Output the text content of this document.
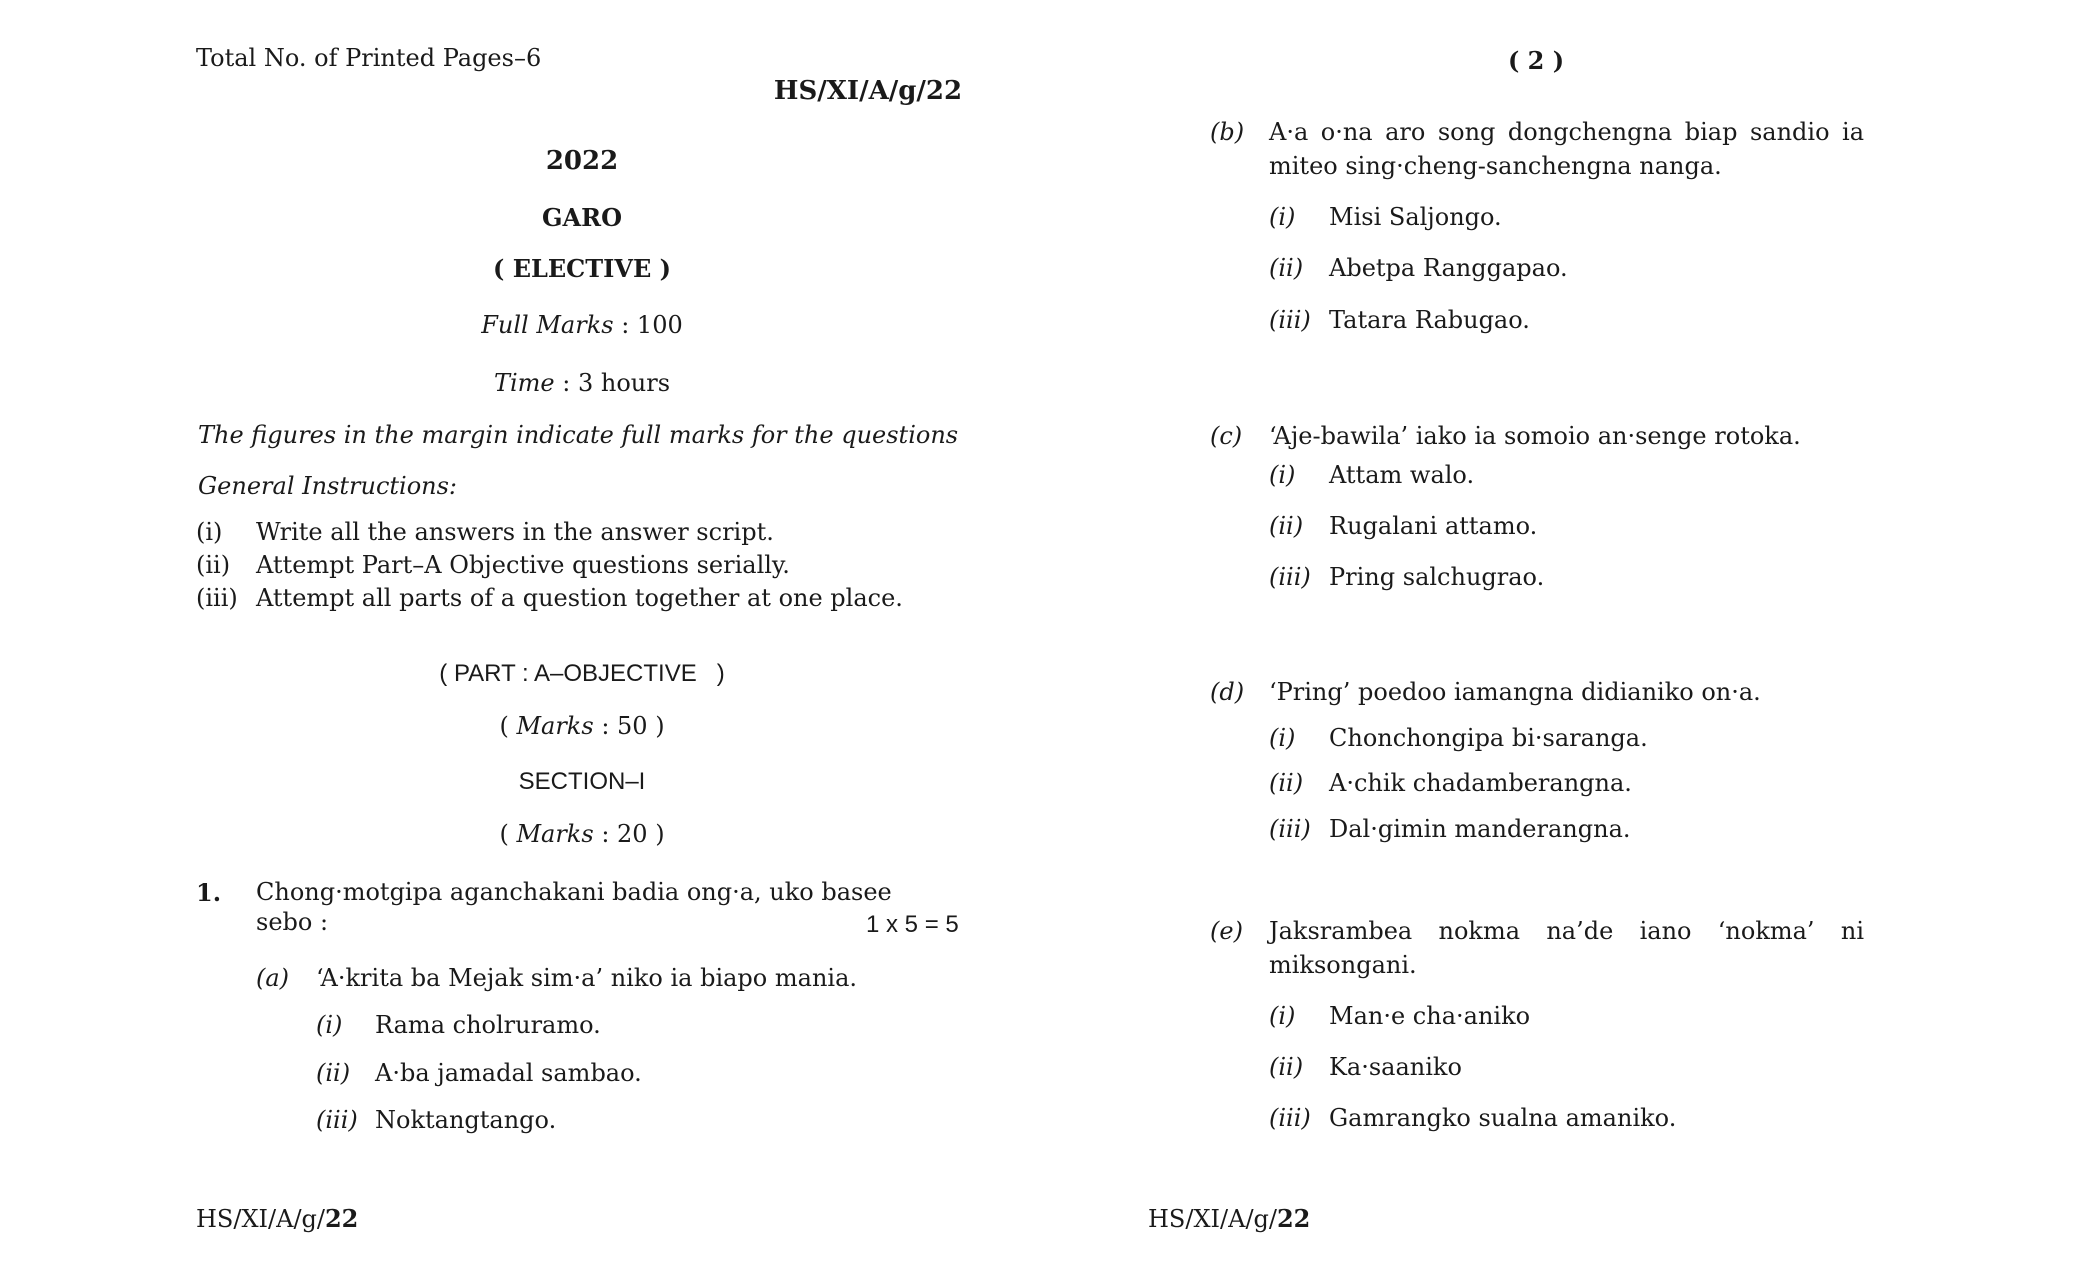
Total No. of Printed Pages–6
HS/XI/A/g/22
2022
GARO
( ELECTIVE )
Full Marks : 100
Time : 3 hours
The figures in the margin indicate full marks for the questions
General Instructions:
(i) Write all the answers in the answer script.
(ii) Attempt Part–A Objective questions serially.
(iii) Attempt all parts of a question together at one place.
( PART : A–OBJECTIVE   )
( Marks : 50 )
SECTION–I
( Marks : 20 )
1. Chong·motgipa aganchakani badia ong·a, uko basee
sebo :	1 x 5 = 5
(a) ‘A·krita ba Mejak sim·a’ niko ia biapo mania.
(i) Rama cholruramo.
(ii) A·ba jamadal sambao.
(iii) Noktangtango.
HS/XI/A/g/22
( 2 )
(b) A·a o·na aro song dongchengna biap sandio ia
miteo sing·cheng-sanchengna nanga.
(i) Misi Saljongo.
(ii) Abetpa Ranggapao.
(iii) Tatara Rabugao.
(c) ‘Aje-bawila’ iako ia somoio an·senge rotoka.
(i) Attam walo.
(ii) Rugalani attamo.
(iii) Pring salchugrao.
(d) ‘Pring’ poedoo iamangna didianiko on·a.
(i) Chonchongipa bi·saranga.
(ii) A·chik chadamberangna.
(iii) Dal·gimin manderangna.
(e) Jaksrambea nokma na’de iano ‘nokma’ ni
miksongani.
(i) Man·e cha·aniko
(ii) Ka·saaniko
(iii) Gamrangko sualna amaniko.
HS/XI/A/g/22
